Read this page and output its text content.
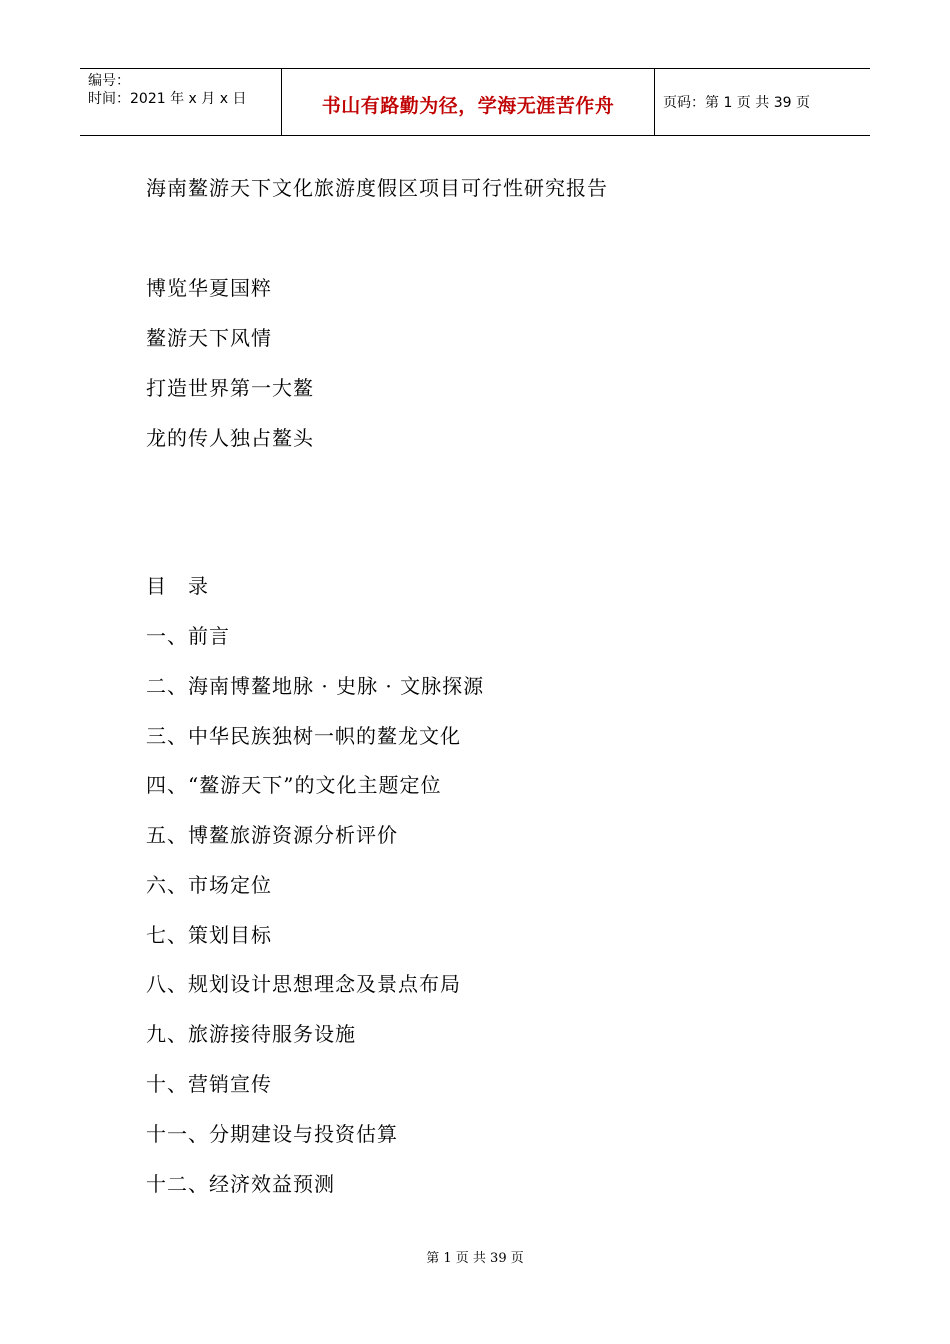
编号：
时间：2021 年 x 月 x 日	书山有路勤为径，学海无涯苦作舟	页码：第 1 页 共 39 页
海南鳌游天下文化旅游度假区项目可行性研究报告
博览华夏国粹
鳌游天下风情
打造世界第一大鳌
龙的传人独占鳌头
目　录
一、前言
二、海南博鳌地脉 · 史脉 · 文脉探源
三、中华民族独树一帜的鳌龙文化
四、“鳌游天下”的文化主题定位
五、博鳌旅游资源分析评价
六、市场定位
七、策划目标
八、规划设计思想理念及景点布局
九、旅游接待服务设施
十、营销宣传
十一、分期建设与投资估算
十二、经济效益预测
第 1 页 共 39 页
